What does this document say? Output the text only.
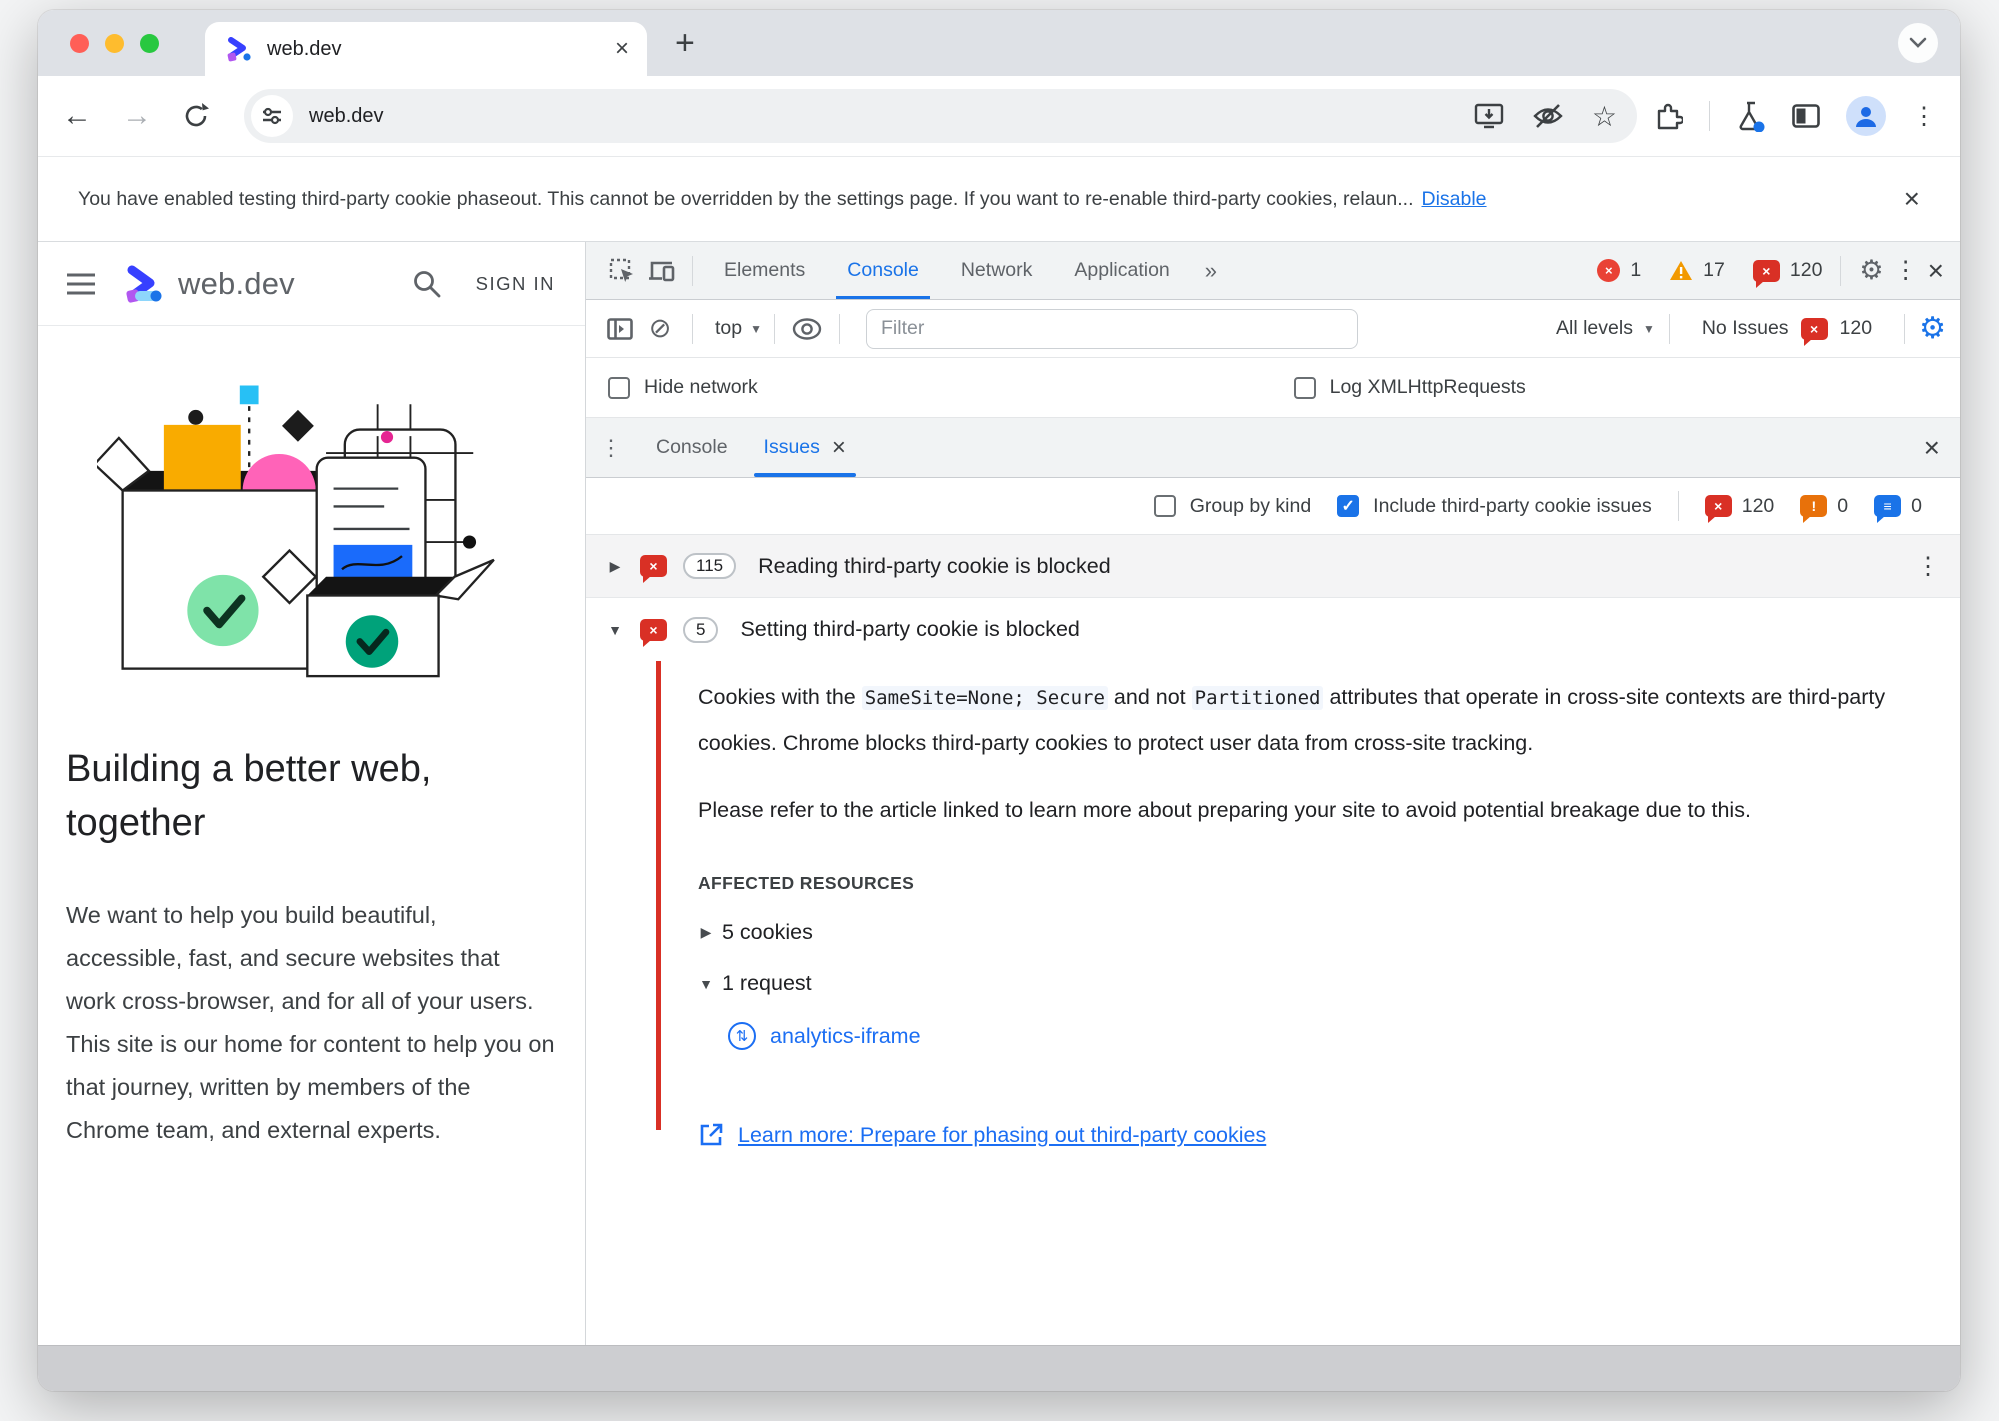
web.dev	× +
← →	web.dev	☆	⋮
You have enabled testing third-party cookie phaseout. This cannot be overridden by the settings page. If you want to re-enable third-party cookies, relaun... Disable	×
web.dev	SIGN IN
Building a better web, together

We want to help you build beautiful, accessible, fast, and secure websites that work cross-browser, and for all of your users. This site is our home for content to help you on that journey, written by members of the Chrome team, and external experts.

Elements	Console	Network	Application	»	× 1	17	× 120 ⚙ ⋮ ×
⊘	top ▼
Filter	All levels ▼ No Issues	×	120 ⚙
Hide network	Log XMLHttpRequests
⋮	Console	Issues ×	×
Group by kind ✓ Include third-party cookie issues	× 120	!	0	≡ 0
▶	×	115	Reading third-party cookie is blocked	⋮
▼	×	5	Setting third-party cookie is blocked

Cookies with the SameSite=None; Secure and not Partitioned attributes that operate in cross-site contexts are third-party cookies. Chrome blocks third-party cookies to protect user data from cross-site tracking.

Please refer to the article linked to learn more about preparing your site to avoid potential breakage due to this.

AFFECTED RESOURCES
▶ 5 cookies
▼ 1 request
⇅	analytics-iframe
Learn more: Prepare for phasing out third-party cookies
